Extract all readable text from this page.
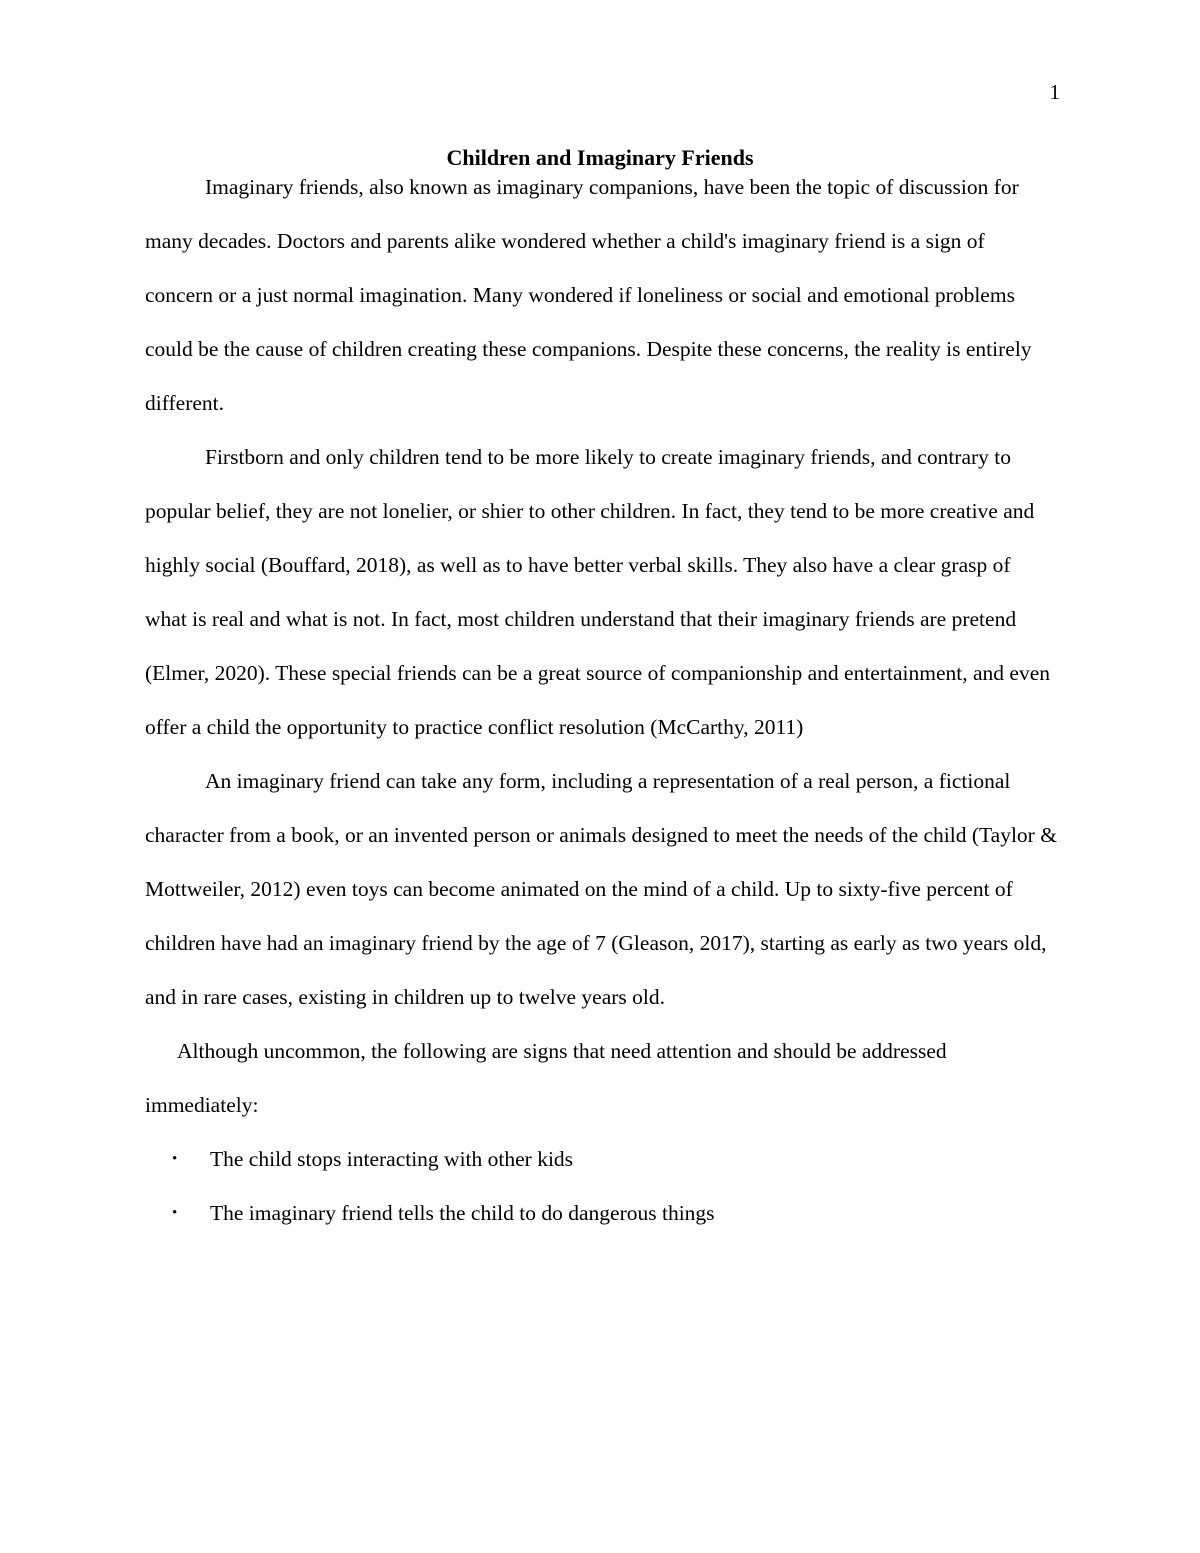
1
Children and Imaginary Friends

Imaginary friends, also known as imaginary companions, have been the topic of discussion for many decades. Doctors and parents alike wondered whether a child's imaginary friend is a sign of concern or a just normal imagination. Many wondered if loneliness or social and emotional problems could be the cause of children creating these companions. Despite these concerns, the reality is entirely different.

Firstborn and only children tend to be more likely to create imaginary friends, and contrary to popular belief, they are not lonelier, or shier to other children. In fact, they tend to be more creative and highly social (Bouffard, 2018), as well as to have better verbal skills. They also have a clear grasp of what is real and what is not. In fact, most children understand that their imaginary friends are pretend (Elmer, 2020). These special friends can be a great source of companionship and entertainment, and even offer a child the opportunity to practice conflict resolution (McCarthy, 2011)

An imaginary friend can take any form, including a representation of a real person, a fictional character from a book, or an invented person or animals designed to meet the needs of the child (Taylor & Mottweiler, 2012) even toys can become animated on the mind of a child. Up to sixty-five percent of children have had an imaginary friend by the age of 7 (Gleason, 2017), starting as early as two years old, and in rare cases, existing in children up to twelve years old.

Although uncommon, the following are signs that need attention and should be addressed immediately:

• The child stops interacting with other kids
• The imaginary friend tells the child to do dangerous things
